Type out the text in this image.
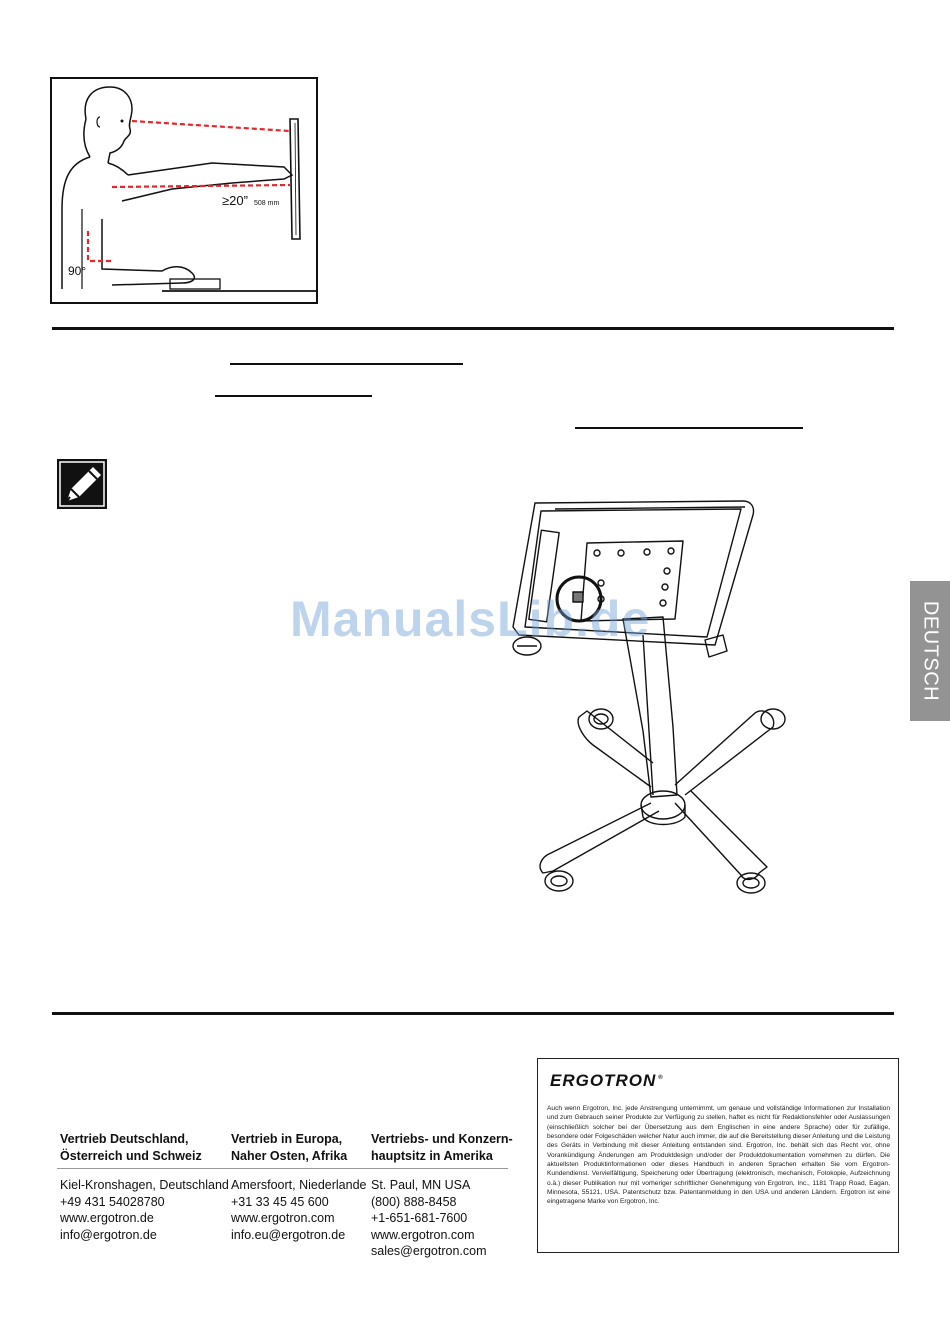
≥20” 508 mm
90°
ManualsLib.de	DEUTSCH
Vertrieb Deutschland,
Österreich und Schweiz
Kiel-Kronshagen, Deutschland
+49 431 54028780
www.ergotron.de
info@ergotron.de
Vertrieb in Europa,
Naher Osten, Afrika
Amersfoort, Niederlande
+31 33 45 45 600
www.ergotron.com
info.eu@ergotron.de
Vertriebs- und Konzern-
hauptsitz in Amerika
St. Paul, MN USA
(800) 888-8458
+1-651-681-7600
www.ergotron.com
sales@ergotron.com
ERGOTRON ®
Auch wenn Ergotron, Inc. jede Anstrengung unternimmt, um genaue und vollständige Informationen zur Installation und zum Gebrauch seiner Produkte zur Verfügung zu stellen, haftet es nicht für Redaktionsfehler oder Auslassungen (einschließlich solcher bei der Übersetzung aus dem Englischen in eine andere Sprache) oder für zufällige, besondere oder Folgeschäden welcher Natur auch immer, die auf die Bereitstellung dieser Anleitung und die Leistung des Geräts in Verbindung mit dieser Anleitung entstanden sind. Ergotron, Inc. behält sich das Recht vor, ohne Vorankündigung Änderungen am Produktdesign und/oder der Produktdokumentation vornehmen zu dürfen. Die aktuellsten Produktinformationen oder dieses Handbuch in anderen Sprachen erhalten Sie vom Ergotron-Kundendienst. Vervielfältigung, Speicherung oder Übertragung (elektronisch, mechanisch, Fotokopie, Aufzeichnung o.ä.) dieser Publikation nur mit vorheriger schriftlicher Genehmigung von Ergotron, Inc., 1181 Trapp Road, Eagan, Minnesota, 55121, USA. Patentschutz bzw. Patentanmeldung in den USA und anderen Ländern. Ergotron ist eine eingetragene Marke von Ergotron, Inc.
